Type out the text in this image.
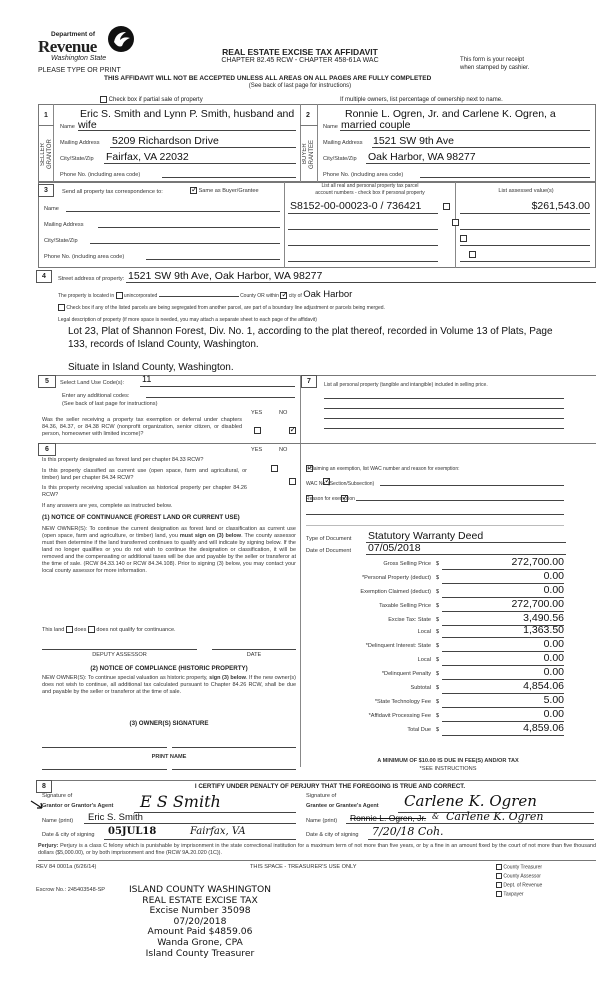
Department of
Revenue
Washington State
PLEASE TYPE OR PRINT
REAL ESTATE EXCISE TAX AFFIDAVIT
CHAPTER 82.45 RCW - CHAPTER 458-61A WAC	This form is your receipt
when stamped by cashier.
THIS AFFIDAVIT WILL NOT BE ACCEPTED UNLESS ALL AREAS ON ALL PAGES ARE FULLY COMPLETED
(See back of last page for instructions)
Check box if partial sale of property	If multiple owners, list percentage of ownership next to name.
1
SELLER GRANTOR
Eric S. Smith and Lynn P. Smith, husband and
Name wife
Mailing Address 5209 Richardson Drive
City/State/Zip Fairfax, VA 22032
Phone No. (including area code)
2
BUYER GRANTEE
Ronnie L. Ogren, Jr. and Carlene K. Ogren, a
Name married couple
Mailing Address 1521 SW 9th Ave
City/State/Zip Oak Harbor, WA 98277
Phone No. (including area code)
3	Send all property tax correspondence to: ✓	Same as Buyer/Grantee
Name
Mailing Address
City/State/Zip
Phone No. (including area code)
List all real and personal property tax parcel
account numbers - check box if personal property	List assessed value(s)
S8152-00-00023-0 / 736421
	$261,543.00

4	Street address of property: 1521 SW 9th Ave, Oak Harbor, WA 98277
The property is located in unincorporated	County OR within ✓ city of Oak Harbor
Check box if any of the listed parcels are being segregated from another parcel, are part of a boundary line adjustment or parcels being merged.
Legal description of property (if more space is needed, you may attach a separate sheet to each page of the affidavit)
Lot 23, Plat of Shannon Forest, Div. No. 1, according to the plat thereof, recorded in Volume 13 of Plats, Page
133, records of Island County, Washington.
Situate in Island County, Washington.
5	Select Land Use Code(s): 11
Enter any additional codes:
(See back of last page for instructions)
YES	NO
Was the seller receiving a property tax exemption or deferral under chapters 84.36, 84.37, or 84.38 RCW (nonprofit organization, senior citizen, or disabled person, homeowner with limited income)?
✓
7	List all personal property (tangible and intangible) included in selling price.
6	YES	NO
Is this property designated as forest land per chapter 84.33 RCW?
✓
Is this property classified as current use (open space, farm and agricultural, or timber) land per chapter 84.34 RCW?
✓
Is this property receiving special valuation as historical property per chapter 84.26 RCW?
✓
If any answers are yes, complete as instructed below.
(1) NOTICE OF CONTINUANCE (FOREST LAND OR CURRENT USE)
NEW OWNER(S): To continue the current designation as forest land or classification as current use (open space, farm and agriculture, or timber) land, you must sign on (3) below. The county assessor must then determine if the land transferred continues to qualify and will indicate by signing below. If the land no longer qualifies or you do not wish to continue the designation or classification, it will be removed and the compensating or additional taxes will be due and payable by the seller or transferor at the time of sale. (RCW 84.33.140 or RCW 84.34.108). Prior to signing (3) below, you may contact your local county assessor for more information.
This land does does not qualify for continuance.
DEPUTY ASSESSOR	DATE
(2) NOTICE OF COMPLIANCE (HISTORIC PROPERTY)
NEW OWNER(S): To continue special valuation as historic property, sign (3) below. If the new owner(s) does not wish to continue, all additional tax calculated pursuant to Chapter 84.26 RCW, shall be due and payable by the seller or transferor at the time of sale.
(3) OWNER(S) SIGNATURE
PRINT NAME
If claiming an exemption, list WAC number and reason for exemption:
WAC No. (Section/Subsection)
Reason for exemption
Type of Document Statutory Warranty Deed
Date of Document 07/05/2018
Gross Selling Price $	272,700.00
*Personal Property (deduct) $	0.00
Exemption Claimed (deduct) $	0.00
Taxable Selling Price $	272,700.00
Excise Tax: State $	3,490.56
Local $	1,363.50
*Delinquent Interest: State $	0.00
Local $	0.00
*Delinquent Penalty $	0.00
Subtotal $	4,854.06
*State Technology Fee $	5.00
*Affidavit Processing Fee $	0.00
Total Due $	4,859.06
A MINIMUM OF $10.00 IS DUE IN FEE(S) AND/OR TAX
*SEE INSTRUCTIONS
8	I CERTIFY UNDER PENALTY OF PERJURY THAT THE FOREGOING IS TRUE AND CORRECT.
Signature of
Grantor or Grantor's Agent E S Smith
Name (print) Eric S. Smith
Date & city of signing 05JUL18	Fairfax, VA
Signature of
Grantee or Grantee's Agent Carlene K. Ogren
Name (print) Ronnie L. Ogren, Jr. & Carlene K. Ogren
Date & city of signing 7/20/18 Coh.
Perjury: Perjury is a class C felony which is punishable by imprisonment in the state correctional institution for a maximum term of not more than five years, or by a fine in an amount fixed by the court of not more than five thousand dollars ($5,000.00), or by both imprisonment and fine (RCW 9A.20.020 (1C)).
REV 84 0001a (6/26/14)	THIS SPACE - TREASURER'S USE ONLY
Escrow No.: 245403548-SP
County Treasurer
County Assessor
Dept. of Revenue
Taxpayer
ISLAND COUNTY WASHINGTON
REAL ESTATE EXCISE TAX
Excise Number 35098
07/20/2018
Amount Paid $4859.06
Wanda Grone, CPA
Island County Treasurer
